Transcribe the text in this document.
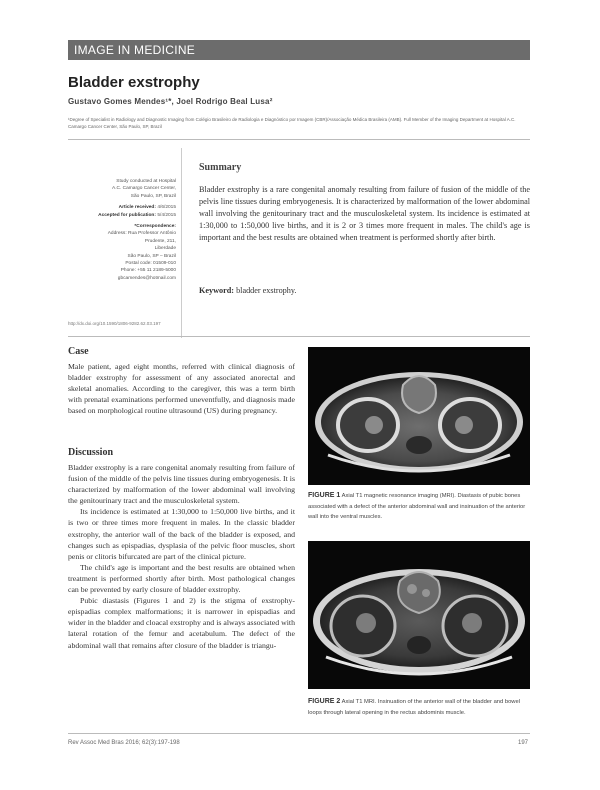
IMAGE IN MEDICINE
Bladder exstrophy
Gustavo Gomes Mendes¹*, Joel Rodrigo Beal Lusa²
¹Degree of Specialist in Radiology and Diagnostic Imaging from Colégio Brasileiro de Radiologia e Diagnóstico por Imagem (CBR)/Associação Médica Brasileira (AMB). Full Member of the Imaging Department at Hospital A.C. Camargo Cancer Center, São Paulo, SP, Brazil
Study conducted at Hospital
A.C. Camargo Cancer Center,
São Paulo, SP, Brazil
Article received: 4/6/2015
Accepted for publication: 5/4/2015
*Correspondence:
Address: Rua Professor Antônio
Prudente, 211,
Liberdade
São Paulo, SP – Brazil
Postal code: 01509-010
Phone: +55 11 2189-5000
gbcamendes@hotmail.com
http://dx.doi.org/10.1590/1806-9282.62.03.197
Summary
Bladder exstrophy is a rare congenital anomaly resulting from failure of fusion of the middle of the pelvis line tissues during embryogenesis. It is characterized by malformation of the lower abdominal wall involving the genitourinary tract and the musculoskeletal system. Its incidence is estimated at 1:30,000 to 1:50,000 live births, and it is 2 or 3 times more frequent in males. The child's age is important and the best results are obtained when treatment is performed shortly after birth.
Keyword: bladder exstrophy.
Case

Male patient, aged eight months, referred with clinical diagnosis of bladder exstrophy for assessment of any associated anorectal and skeletal anomalies. According to the caregiver, this was a term birth with prenatal examinations performed uneventfully, and diagnosis made based on morphological routine ultrasound (US) during pregnancy.

Discussion

Bladder exstrophy is a rare congenital anomaly resulting from failure of fusion of the middle of the pelvis line tissues during embryogenesis. It is characterized by malformation of the lower abdominal wall involving the genitourinary tract and the musculoskeletal system.

Its incidence is estimated at 1:30,000 to 1:50,000 live births, and it is two or three times more frequent in males. In the classic bladder exstrophy, the anterior wall of the back of the bladder is exposed, and changes such as epispadias, dysplasia of the pelvic floor muscles, short penis or clitoris bifurcated are part of the clinical picture.

The child's age is important and the best results are obtained when treatment is performed shortly after birth. Most pathological changes can be prevented by early closure of bladder exstrophy.

Pubic diastasis (Figures 1 and 2) is the stigma of exstrophy-epispadias complex malformations; it is narrower in epispadias and wider in the bladder and cloacal exstrophy and is always associated with lateral rotation of the femur and acetabulum. The defect of the abdominal wall that remains after closure of the bladder is triangu-

FIGURE 1 Axial T1 magnetic resonance imaging (MRI). Diastasis of pubic bones associated with a defect of the anterior abdominal wall and insinuation of the anterior wall into the ventral muscles.
FIGURE 2 Axial T1 MRI. Insinuation of the anterior wall of the bladder and bowel loops through lateral opening in the rectus abdominis muscle.
Rev Assoc Med Bras 2016; 62(3):197-198	197
